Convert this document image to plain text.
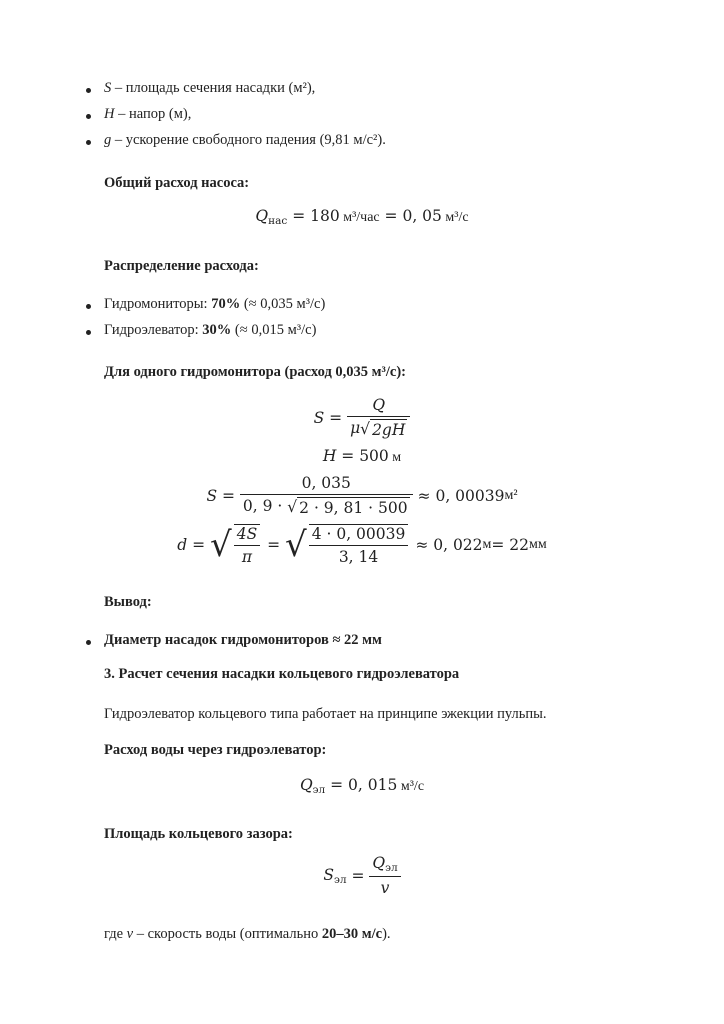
S – площадь сечения насадки (м²),
H – напор (м),
g – ускорение свободного падения (9,81 м/с²).
Общий расход насоса:
$Q_{нас} = 180$ м³/час = 0, 05 м³/с
Распределение расхода:
Гидромониторы: 70% (≈ 0,035 м³/с)
Гидроэлеватор: 30% (≈ 0,015 м³/с)
Для одного гидромонитора (расход 0,035 м³/с):
$S = \frac{Q}{\mu√ 2gH}$
H = 500 м
$S = \frac{0, 035}{0, 9 \cdot √ 2 \cdot 9, 81 \cdot 500} \approx 0$, 00039 м²
d = √ $\frac{4S}{\pi}$ = √ $\frac{4 \cdot 0, 00039}{3, 14} \approx 0$, 022 м = 22 мм
Вывод:
Диаметр насадок гидромониторов ≈ 22 мм
3. Расчет сечения насадки кольцевого гидроэлеватора
Гидроэлеватор кольцевого типа работает на принципе эжекции пульпы.
Расход воды через гидроэлеватор:
$Q_{эл} = 0$, 015 м³/с
Площадь кольцевого зазора:
$S_{эл} = \frac{Q_{эл}}{v}$
где v – скорость воды (оптимально 20–30 м/с).
